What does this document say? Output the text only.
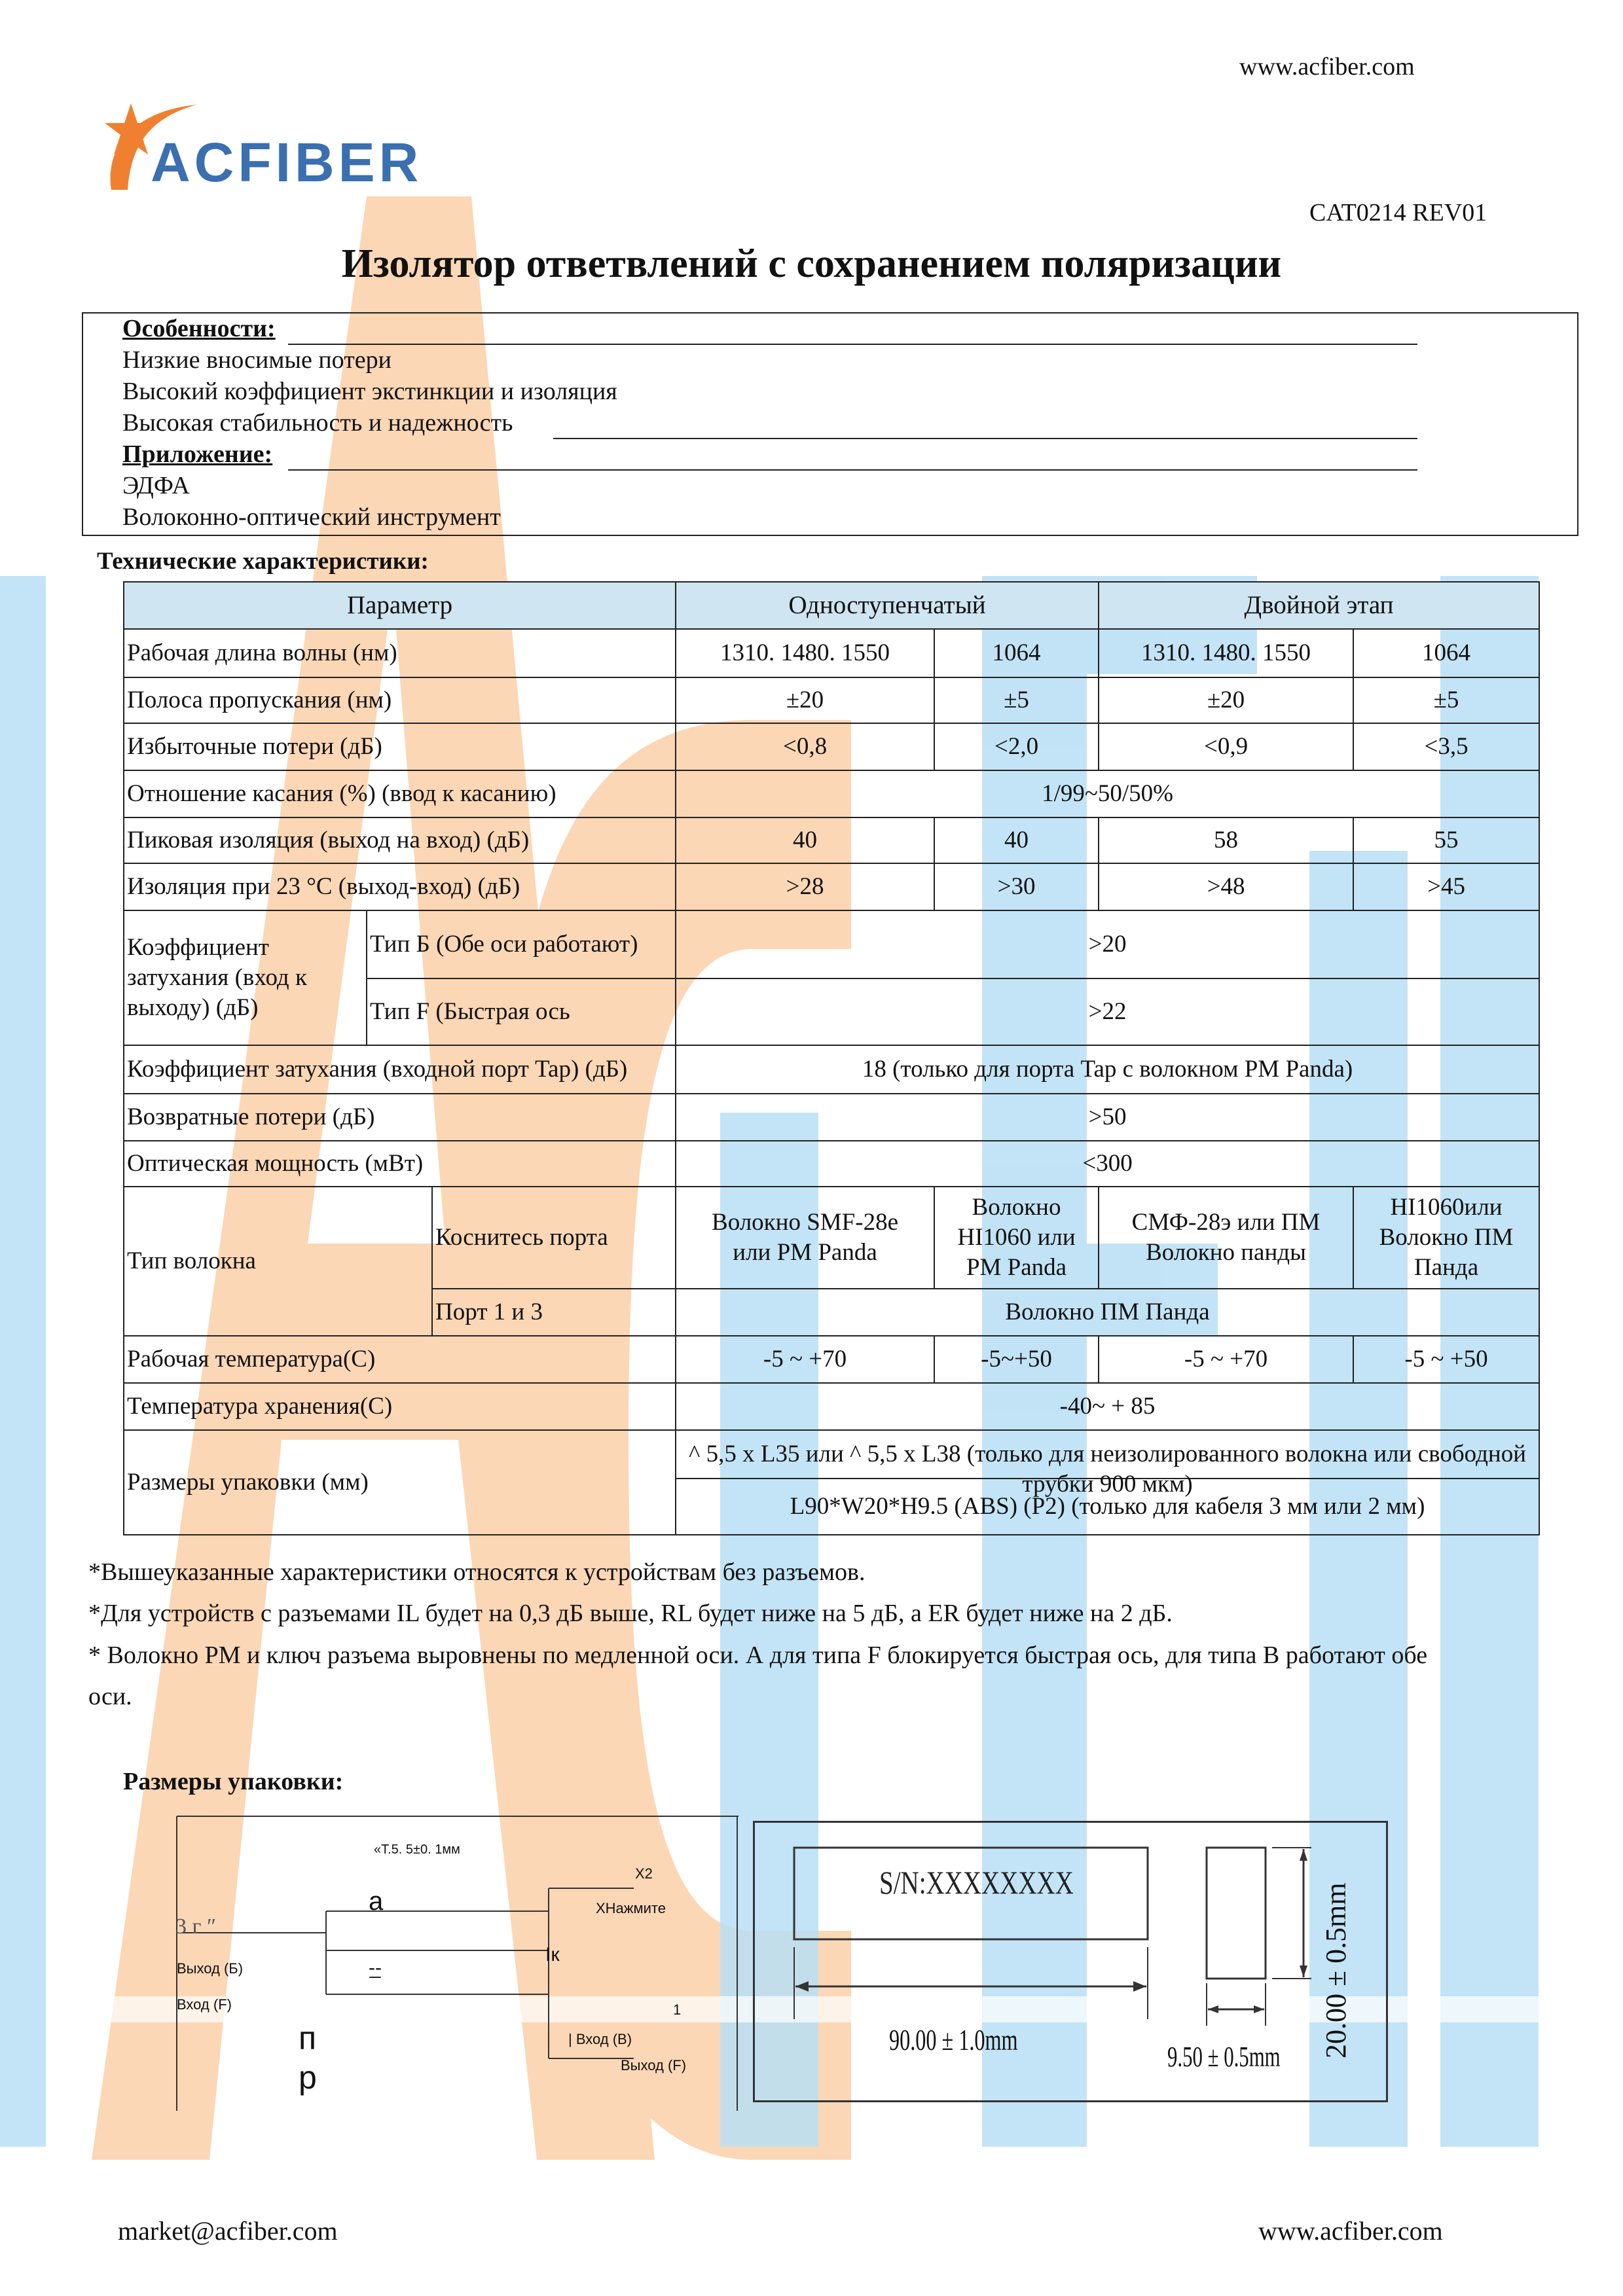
www.acfiber.com
ACFIBER
CAT0214 REV01
Изолятор ответвлений с сохранением поляризации
Особенности:
Низкие вносимые потери
Высокий коэффициент экстинкции и изоляция
Высокая стабильность и надежность
Приложение:
ЭДФА
Волоконно-оптический инструмент
Технические характеристики:
Параметр			Одноступенчатый		Двойной этап	
Рабочая длина волны (нм)			1310. 1480. 1550	1064	1310. 1480. 1550	1064
Полоса пропускания (нм)			±20	±5	±20	±5
Избыточные потери (дБ)			<0,8	<2,0	<0,9	<3,5
Отношение касания (%) (ввод к касанию)			1/99~50/50%			
Пиковая изоляция (выход на вход) (дБ)			40	40	58	55
Изоляция при 23 °C (выход-вход) (дБ)			>28	>30	>48	>45
Коэффициент затухания (вход к выходу) (дБ)	Тип Б (Обе оси работают)		>20			
	Тип F (Быстрая ось		>22			

Коэффициент затухания (входной порт Tap) (дБ)			18 (только для порта Tap с волокном PM Panda)			
Возвратные потери (дБ)			>50			
Оптическая мощность (мВт)			<300			
Тип волокна		Коснитесь порта	Волокно SMF-28e или PM Panda	Волокно HI1060 или PM Panda	СМФ-28э или ПМ Волокно панды	HI1060или Волокно ПМ Панда
		Порт 1 и 3	Волокно ПМ Панда			
Рабочая температура(C)			-5 ~ +70	-5~+50	-5 ~ +70	-5 ~ +50
Температура хранения(C)			-40~ + 85			
Размеры упаковки (мм)			^ 5,5 x L35 или ^ 5,5 x L38 (только для неизолированного волокна или свободной трубки 900 мкм)			

			L90*W20*H9.5 (ABS) (P2) (только для кабеля 3 мм или 2 мм)			
*Вышеуказанные характеристики относятся к устройствам без разъемов.
*Для устройств с разъемами IL будет на 0,3 дБ выше, RL будет ниже на 5 дБ, а ER будет ниже на 2 дБ.
* Волокно PM и ключ разъема выровнены по медленной оси. А для типа F блокируется быстрая ось, для типа B работают обе
оси.
Размеры упаковки:
«Т.5. 5±0. 1мм
X2
XНажмите
3 г ″
a
Выход (Б)
Вход (F)
-̲-
Iк
1
| Вход (B)
Выход (F)
п
p
S/N:XXXXXXXX
90.00 ± 1.0mm
9.50 ± 0.5mm 20.00 ± 0.5mm
market@acfiber.com	www.acfiber.com
